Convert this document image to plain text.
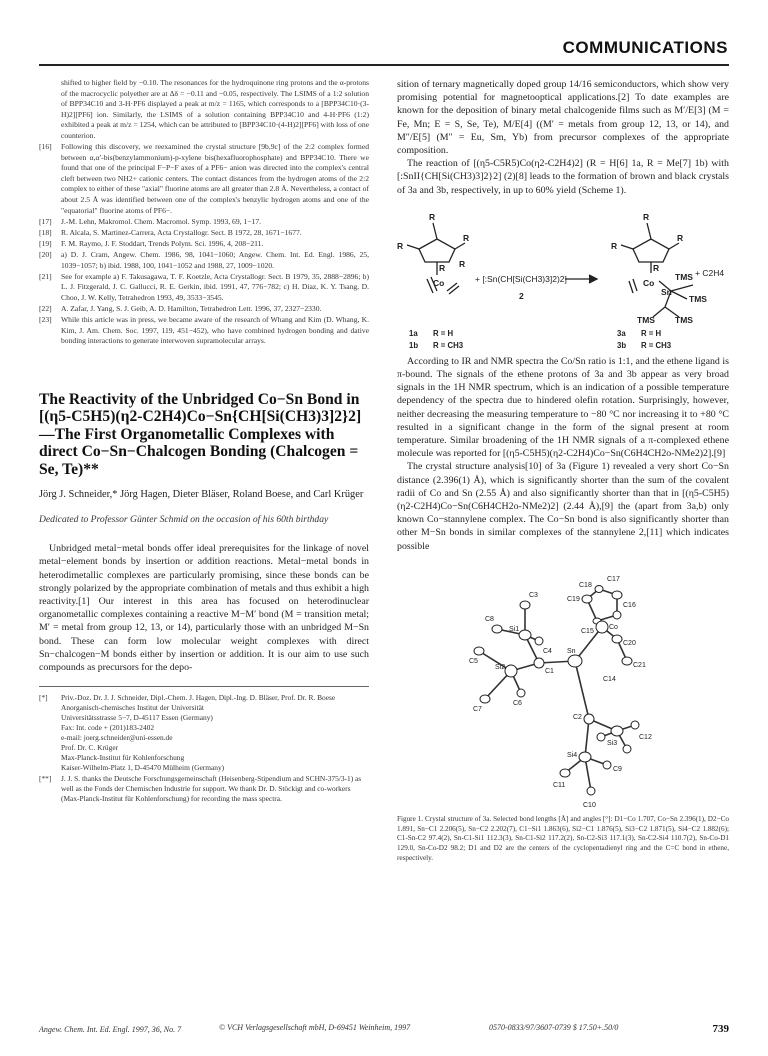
COMMUNICATIONS
shifted to higher field by −0.10. The resonances for the hydroquinone ring protons and the α-protons of the macrocyclic polyether are at Δδ = −0.11 and −0.05, respectively. The LSIMS of a 1:2 solution of BPP34C10 and 3-H·PF6 displayed a peak at m/z = 1165, which corresponds to a [BPP34C10·(3-H)2][PF6] ion. Similarly, the LSIMS of a solution containing BPP34C10 and 4-H·PF6 (1:2) exhibited a peak at m/z = 1254, which can be attributed to [BPP34C10·(4-H)2][PF6] with loss of one counterion.
[16]	Following this discovery, we reexamined the crystal structure [9b,9c] of the 2:2 complex formed between α,α′-bis(benzylammonium)-p-xylene bis(hexafluorophosphate) and BPP34C10. There we found that one of the principal F−P−F axes of a PF6− anion was directed into the complex's central cleft between two NH2+ cationic centers. The contact distances from the hydrogen atoms of the 2:2 complex to either of these "axial" fluorine atoms are all greater than 2.8 Å. Nevertheless, a contact of about 2.5 Å was identified between one of the complex's benzylic hydrogen atoms and one of the "equatorial" fluorine atoms of PF6−.
[17]	J.-M. Lehn, Makromol. Chem. Macromol. Symp. 1993, 69, 1−17.
[18]	R. Alcala, S. Martinez-Carrera, Acta Crystallogr. Sect. B 1972, 28, 1671−1677.
[19]	F. M. Raymo, J. F. Stoddart, Trends Polym. Sci. 1996, 4, 208−211.
[20]	a) D. J. Cram, Angew. Chem. 1986, 98, 1041−1060; Angew. Chem. Int. Ed. Engl. 1986, 25, 1039−1057; b) ibid. 1988, 100, 1041−1052 and 1988, 27, 1009−1020.
[21]	See for example a) F. Takusagawa, T. F. Koetzle, Acta Crystallogr. Sect. B 1979, 35, 2888−2896; b) L. J. Fitzgerald, J. C. Gallucci, R. E. Gerkin, ibid. 1991, 47, 776−782; c) H. Diaz, K. Y. Tsang, D. Choo, J. W. Kelly, Tetrahedron 1993, 49, 3533−3545.
[22]	A. Zafar, J. Yang, S. J. Geib, A. D. Hamilton, Tetrahedron Lett. 1996, 37, 2327−2330.
[23]	While this article was in press, we became aware of the research of Whang and Kim (D. Whang, K. Kim, J. Am. Chem. Soc. 1997, 119, 451−452), who have combined hydrogen bonding and dative bonding interactions to generate interwoven supramolecular arrays.
The Reactivity of the Unbridged Co−Sn Bond in [(η5-C5H5)(η2-C2H4)Co−Sn{CH[Si(CH3)3]2}2]—The First Organometallic Complexes with direct Co−Sn−Chalcogen Bonding (Chalcogen = Se, Te)**
Jörg J. Schneider,* Jörg Hagen, Dieter Bläser, Roland Boese, and Carl Krüger
Dedicated to Professor Günter Schmid on the occasion of his 60th birthday

Unbridged metal−metal bonds offer ideal prerequisites for the linkage of novel metal−element bonds by insertion or addition reactions. Metal−metal bonds in heterodimetallic complexes are particularly promising, since these bonds can be strongly polarized by the appropriate combination of metals and thus exhibit a high reactivity.[1] Our interest in this area has focused on heterodinuclear organometallic complexes containing a reactive M−M′ bond (M = transition metal; M′ = metal from group 12, 13, or 14), particularly those with an unbridged M−Sn bond. These can form low molecular weight complexes with direct Sn−chalcogen−M bonds either by insertion or addition. It is our aim to use such compounds as precursors for the depo-

[*]	Priv.-Doz. Dr. J. J. Schneider, Dipl.-Chem. J. Hagen, Dipl.-Ing. D. Bläser, Prof. Dr. R. Boese
Anorganisch-chemisches Institut der Universität
Universitätsstrasse 5−7, D-45117 Essen (Germany)
Fax: Int. code + (201)183-2402
e-mail: joerg.schneider@uni-essen.de
Prof. Dr. C. Krüger
Max-Planck-Institut für Kohlenforschung
Kaiser-Wilhelm-Platz 1, D-45470 Mülheim (Germany)
[**]	J. J. S. thanks the Deutsche Forschungsgemeinschaft (Heisenberg-Stipendium and SCHN-375/3-1) as well as the Fonds der Chemischen Industrie for support. We thank Dr. D. Stöckigt and co-workers (Max-Planck-Institut für Kohlenforschung) for recording the mass spectra.

sition of ternary magnetically doped group 14/16 semiconductors, which show very promising potential for magnetooptical applications.[2] To date examples are known for the deposition of binary metal chalcogenide films such as M′/E[3] (M = Fe, Mn; E = S, Se, Te), M/E[4] ((M′ = metals from group 12, 13, or 14), and M″/E[5] (M″ = Eu, Sm, Yb) from precursor complexes of the appropriate composition.

The reaction of [(η5-C5R5)Co(η2-C2H4)2] (R = H[6] 1a, R = Me[7] 1b) with [:SnII{CH[Si(CH3)3]2}2] (2)[8] leads to the formation of brown and black crystals of 3a and 3b, respectively, in up to 60% yield (Scheme 1).

R
R
R
R
R
Co	+ [:Sn(CH[Si(CH3)3]2)2]
2
R
R
R
R
Co
Sn
TMS
TMS
TMS TMS
+ C2H4
1a R = H
1b R = CH3
3a R = H
3b R = CH3

According to IR and NMR spectra the Co/Sn ratio is 1:1, and the ethene ligand is π-bound. The signals of the ethene protons of 3a and 3b appear as very broad signals in the 1H NMR spectrum, which is an indication of a possible temperature dependency of the spectra due to hindered olefin rotation. Surprisingly, however, neither decreasing the measuring temperature to −80 °C nor increasing it to +80 °C resulted in a significant change in the form of the signal present at room temperature. Similar broadening of the 1H NMR signals of a π-complexed ethene molecule was reported for [(η5-C5H5)(η2-C2H4)Co−Sn(C6H4CH2o-NMe2)2].[9]

The crystal structure analysis[10] of 3a (Figure 1) revealed a very short Co−Sn distance (2.396(1) Å), which is significantly shorter than the sum of the covalent radii of Co and Sn (2.55 Å) and also significantly shorter than that in [(η5-C5H5)(η2-C2H4)Co−Sn(C6H4CH2o-NMe2)2] (2.44 Å),[9] the (apart from 3a,b) only known Co−stannylene complex. The Co−Sn bond is also significantly shorter than other M−Sn bonds in similar complexes of the stannylene 2,[11] which indicates possible

C18
C17
C3
C19
C16
C8
C15
Co
Si1
C20
C5
C4 Sn
C21
Si2
C1
C14
C6
C7
C2
Si3
C12
C9
Si4
C11
C10
Figure 1. Crystal structure of 3a. Selected bond lengths [Å] and angles [°]: D1−Co 1.707, Co−Sn 2.396(1), D2−Co 1.891, Sn−C1 2.206(5), Sn−C2 2.202(7), C1−Si1 1.863(6), Si2−C1 1.876(5), Si3−C2 1.871(5), Si4−C2 1.882(6); C1-Sn-C2 97.4(2), Sn-C1-Si1 112.3(3), Sn-C1-Si2 117.2(2), Sn-C2-Si3 117.1(3), Sn-C2-Si4 110.7(2), Sn-Co-D1 129.0, Sn-Co-D2 98.2; D1 and D2 are the centers of the cyclopentadienyl ring and the C=C bond in ethene, respectively.
Angew. Chem. Int. Ed. Engl. 1997, 36, No. 7	© VCH Verlagsgesellschaft mbH, D-69451 Weinheim, 1997	0570-0833/97/3607-0739 $ 17.50+.50/0	739
